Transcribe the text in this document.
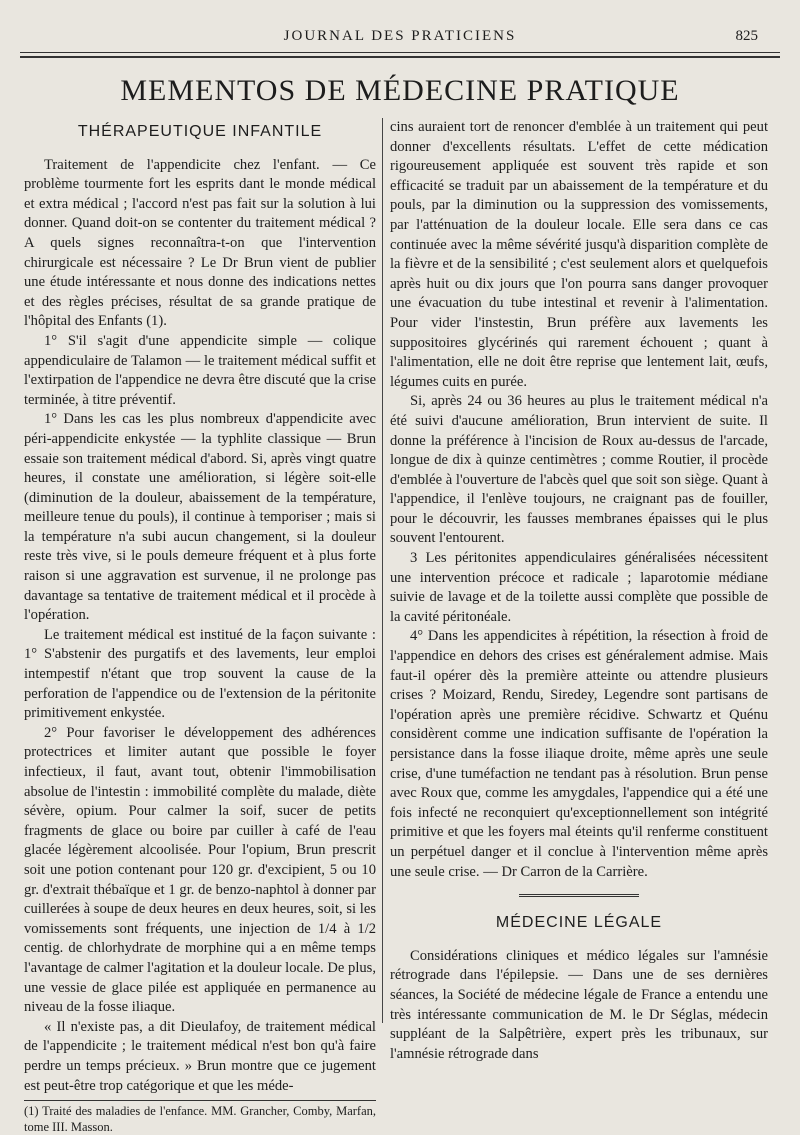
JOURNAL DES PRATICIENS	825
MEMENTOS DE MÉDECINE PRATIQUE
THÉRAPEUTIQUE INFANTILE

Traitement de l'appendicite chez l'enfant. — Ce problème tourmente fort les esprits dant le monde médical et extra médical ; l'accord n'est pas fait sur la solution à lui donner. Quand doit-on se contenter du traitement médical ? A quels signes reconnaîtra-t-on que l'intervention chirurgicale est nécessaire ? Le Dr Brun vient de publier une étude intéressante et nous donne des indications nettes et des règles précises, résultat de sa grande pratique de l'hôpital des Enfants (1).

1° S'il s'agit d'une appendicite simple — colique appendiculaire de Talamon — le traitement médical suffit et l'extirpation de l'appendice ne devra être discuté que la crise terminée, à titre préventif.

1° Dans les cas les plus nombreux d'appendicite avec péri-appendicite enkystée — la typhlite classique — Brun essaie son traitement médical d'abord. Si, après vingt quatre heures, il constate une amélioration, si légère soit-elle (diminution de la douleur, abaissement de la température, meilleure tenue du pouls), il continue à temporiser ; mais si la température n'a subi aucun changement, si la douleur reste très vive, si le pouls demeure fréquent et à plus forte raison si une aggravation est survenue, il ne prolonge pas davantage sa tentative de traitement médical et il procède à l'opération.

Le traitement médical est institué de la façon suivante : 1° S'abstenir des purgatifs et des lavements, leur emploi intempestif n'étant que trop souvent la cause de la perforation de l'appendice ou de l'extension de la péritonite primitivement enkystée.

2° Pour favoriser le développement des adhérences protectrices et limiter autant que possible le foyer infectieux, il faut, avant tout, obtenir l'immobilisation absolue de l'intestin : immobilité complète du malade, diète sévère, opium. Pour calmer la soif, sucer de petits fragments de glace ou boire par cuiller à café de l'eau glacée légèrement alcoolisée. Pour l'opium, Brun prescrit soit une potion contenant pour 120 gr. d'excipient, 5 ou 10 gr. d'extrait thébaïque et 1 gr. de benzo-naphtol à donner par cuillerées à soupe de deux heures en deux heures, soit, si les vomissements sont fréquents, une injection de 1/4 à 1/2 centig. de chlorhydrate de morphine qui a en même temps l'avantage de calmer l'agitation et la douleur locale. De plus, une vessie de glace pilée est appliquée en permanence au niveau de la fosse iliaque.

« Il n'existe pas, a dit Dieulafoy, de traitement médical de l'appendicite ; le traitement médical n'est bon qu'à faire perdre un temps précieux. » Brun montre que ce jugement est peut-être trop catégorique et que les méde-

(1) Traité des maladies de l'enfance. MM. Grancher, Comby, Marfan, tome III. Masson.

cins auraient tort de renoncer d'emblée à un traitement qui peut donner d'excellents résultats. L'effet de cette médication rigoureusement appliquée est souvent très rapide et son efficacité se traduit par un abaissement de la température et du pouls, par la diminution ou la suppression des vomissements, par l'atténuation de la douleur locale. Elle sera dans ce cas continuée avec la même sévérité jusqu'à disparition complète de la fièvre et de la sensibilité ; c'est seulement alors et quelquefois après huit ou dix jours que l'on pourra sans danger provoquer une évacuation du tube intestinal et revenir à l'alimentation. Pour vider l'instestin, Brun préfère aux lavements les suppositoires glycérinés qui rarement échouent ; quant à l'alimentation, elle ne doit être reprise que lentement lait, œufs, légumes cuits en purée.

Si, après 24 ou 36 heures au plus le traitement médical n'a été suivi d'aucune amélioration, Brun intervient de suite. Il donne la préférence à l'incision de Roux au-dessus de l'arcade, longue de dix à quinze centimètres ; comme Routier, il procède d'emblée à l'ouverture de l'abcès quel que soit son siège. Quant à l'appendice, il l'enlève toujours, ne craignant pas de fouiller, pour le découvrir, les fausses membranes épaisses qui le plus souvent l'entourent.

3 Les péritonites appendiculaires généralisées nécessitent une intervention précoce et radicale ; laparotomie médiane suivie de lavage et de la toilette aussi complète que possible de la cavité péritonéale.

4° Dans les appendicites à répétition, la résection à froid de l'appendice en dehors des crises est généralement admise. Mais faut-il opérer dès la première atteinte ou attendre plusieurs crises ? Moizard, Rendu, Siredey, Legendre sont partisans de l'opération après une première récidive. Schwartz et Quénu considèrent comme une indication suffisante de l'opération la persistance dans la fosse iliaque droite, même après une seule crise, d'une tuméfaction ne tendant pas à résolution. Brun pense avec Roux que, comme les amygdales, l'appendice qui a été une fois infecté ne reconquiert qu'exceptionnellement son intégrité primitive et que les foyers mal éteints qu'il renferme constituent un perpétuel danger et il conclue à l'intervention même après une seule crise. — Dr Carron de la Carrière.

MÉDECINE LÉGALE

Considérations cliniques et médico légales sur l'amnésie rétrograde dans l'épilepsie. — Dans une de ses dernières séances, la Société de médecine légale de France a entendu une très intéressante communication de M. le Dr Séglas, médecin suppléant de la Salpêtrière, expert près les tribunaux, sur l'amnésie rétrograde dans
